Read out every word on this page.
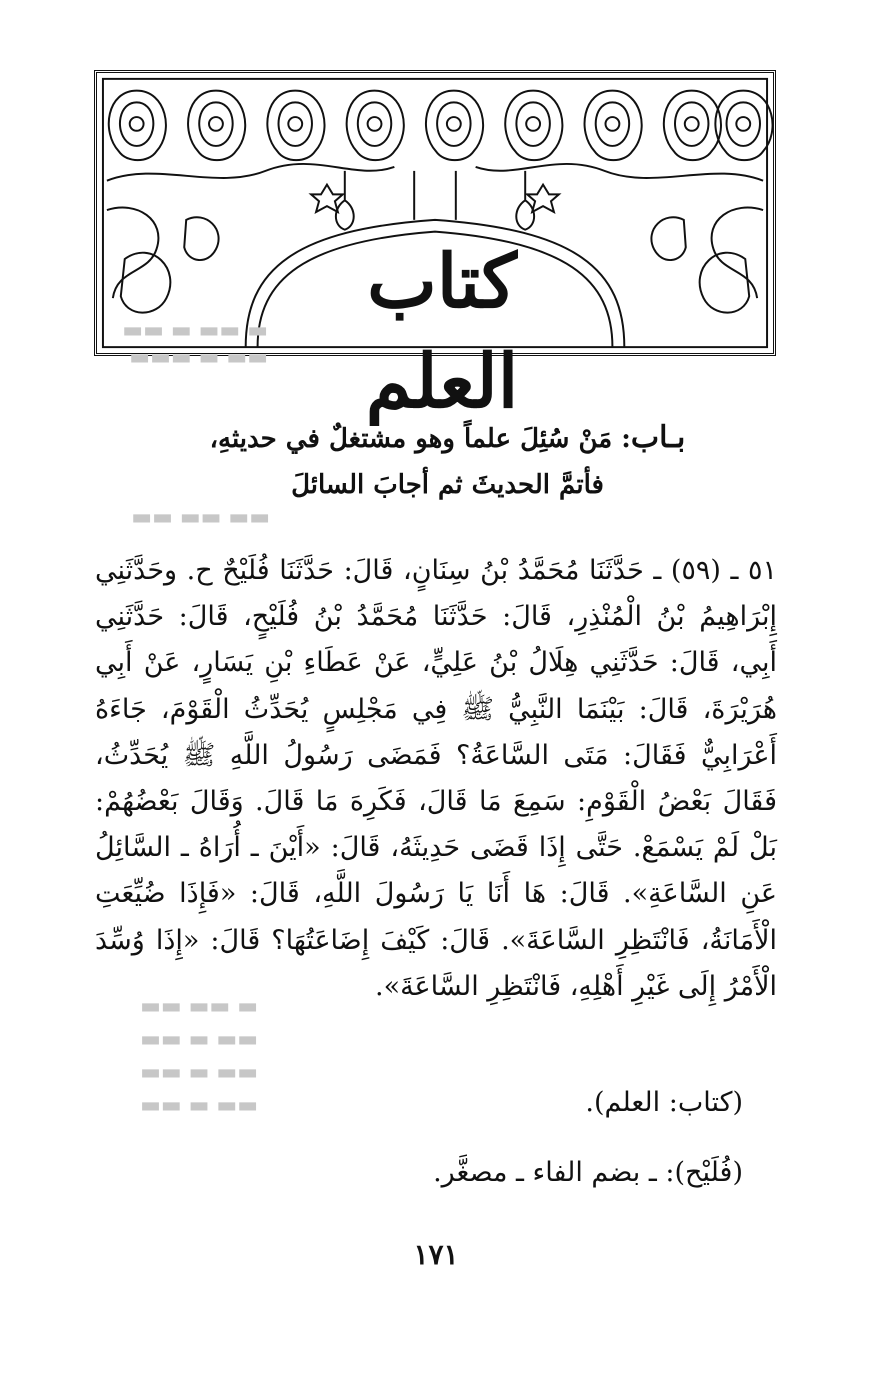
كتاب العلم
▬ ▬▬ ▬ ▬▬
▬▬ ▬ ▬▬▬
▬▬ ▬▬ ▬▬
▬ ▬▬ ▬▬ ▬▬ ▬ ▬▬ ▬▬ ▬ ▬▬ ▬▬ ▬ ▬▬
بـاب: مَنْ سُئِلَ علماً وهو مشتغلٌ في حديثهِ،
فأتمَّ الحديثَ ثم أجابَ السائلَ
٥١ ـ (٥٩) ـ حَدَّثَنَا مُحَمَّدُ بْنُ سِنَانٍ، قَالَ: حَدَّثَنَا فُلَيْحٌ ح. وحَدَّثَنِي إِبْرَاهِيمُ بْنُ الْمُنْذِرِ، قَالَ: حَدَّثَنَا مُحَمَّدُ بْنُ فُلَيْحٍ، قَالَ: حَدَّثَنِي أَبِي، قَالَ: حَدَّثَنِي هِلَالُ بْنُ عَلِيٍّ، عَنْ عَطَاءِ بْنِ يَسَارٍ، عَنْ أَبِي هُرَيْرَةَ، قَالَ: بَيْنَمَا النَّبِيُّ ﷺ فِي مَجْلِسٍ يُحَدِّثُ الْقَوْمَ، جَاءَهُ أَعْرَابِيٌّ فَقَالَ: مَتَى السَّاعَةُ؟ فَمَضَى رَسُولُ اللَّهِ ﷺ يُحَدِّثُ، فَقَالَ بَعْضُ الْقَوْمِ: سَمِعَ مَا قَالَ، فَكَرِهَ مَا قَالَ. وَقَالَ بَعْضُهُمْ: بَلْ لَمْ يَسْمَعْ. حَتَّى إِذَا قَضَى حَدِيثَهُ، قَالَ: «أَيْنَ ـ أُرَاهُ ـ السَّائِلُ عَنِ السَّاعَةِ». قَالَ: هَا أَنَا يَا رَسُولَ اللَّهِ، قَالَ: «فَإِذَا ضُيِّعَتِ الْأَمَانَةُ، فَانْتَظِرِ السَّاعَةَ». قَالَ: كَيْفَ إِضَاعَتُهَا؟ قَالَ: «إِذَا وُسِّدَ الْأَمْرُ إِلَى غَيْرِ أَهْلِهِ، فَانْتَظِرِ السَّاعَةَ».
(كتاب: العلم).
(فُلَيْح): ـ بضم الفاء ـ مصغَّر.
١٧١
